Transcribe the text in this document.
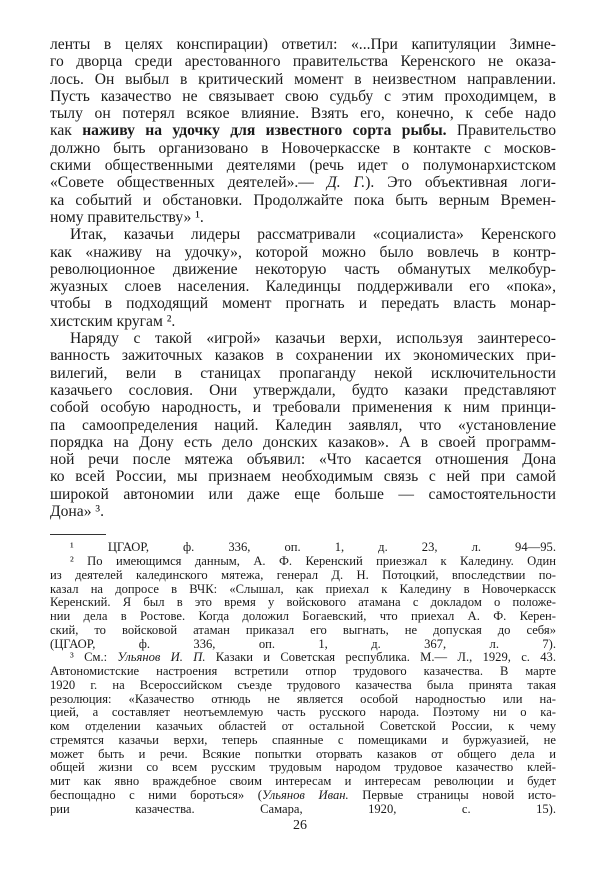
ленты в целях конспирации) ответил: «...При капитуляции Зимне-
го дворца среди арестованного правительства Керенского не оказа-
лось. Он выбыл в критический момент в неизвестном направлении.
Пусть казачество не связывает свою судьбу с этим проходимцем, в
тылу он потерял всякое влияние. Взять его, конечно, к себе надо
как наживу на удочку для известного сорта рыбы. Правительство
должно быть организовано в Новочеркасске в контакте с москов-
скими общественными деятелями (речь идет о полумонархистском
«Совете общественных деятелей».— Д. Г.). Это объективная логи-
ка событий и обстановки. Продолжайте пока быть верным Времен-
ному правительству» ¹.
Итак, казачьи лидеры рассматривали «социалиста» Керенского
как «наживу на удочку», которой можно было вовлечь в контр-
революционное движение некоторую часть обманутых мелкобур-
жуазных слоев населения. Калединцы поддерживали его «пока»,
чтобы в подходящий момент прогнать и передать власть монар-
хистским кругам ².
Наряду с такой «игрой» казачьи верхи, используя заинтересо-
ванность зажиточных казаков в сохранении их экономических при-
вилегий, вели в станицах пропаганду некой исключительности
казачьего сословия. Они утверждали, будто казаки представляют
собой особую народность, и требовали применения к ним принци-
па самоопределения наций. Каледин заявлял, что «установление
порядка на Дону есть дело донских казаков». А в своей программ-
ной речи после мятежа объявил: «Что касается отношения Дона
ко всей России, мы признаем необходимым связь с ней при самой
широкой автономии или даже еще больше — самостоятельности
Дона» ³.
¹ ЦГАОР, ф. 336, оп. 1, д. 23, л. 94—95.
² По имеющимся данным, А. Ф. Керенский приезжал к Каледину. Один
из деятелей калединского мятежа, генерал Д. Н. Потоцкий, впоследствии по-
казал на допросе в ВЧК: «Слышал, как приехал к Каледину в Новочеркасск
Керенский. Я был в это время у войскового атамана с докладом о положе-
нии дела в Ростове. Когда доложил Богаевский, что приехал А. Ф. Керен-
ский, то войсковой атаман приказал его выгнать, не допуская до себя»
(ЦГАОР, ф. 336, оп. 1, д. 367, л. 7).
³ См.: Ульянов И. П. Казаки и Советская республика. М.— Л., 1929, с. 43.
Автономистские настроения встретили отпор трудового казачества. В марте
1920 г. на Всероссийском съезде трудового казачества была принята такая
резолюция: «Казачество отнюдь не является особой народностью или на-
цией, а составляет неотъемлемую часть русского народа. Поэтому ни о ка-
ком отделении казачьих областей от остальной Советской России, к чему
стремятся казачьи верхи, теперь спаянные с помещиками и буржуазией, не
может быть и речи. Всякие попытки оторвать казаков от общего дела и
общей жизни со всем русским трудовым народом трудовое казачество клей-
мит как явно враждебное своим интересам и интересам революции и будет
беспощадно с ними бороться» (Ульянов Иван. Первые страницы новой исто-
рии казачества. Самара, 1920, с. 15).
26
